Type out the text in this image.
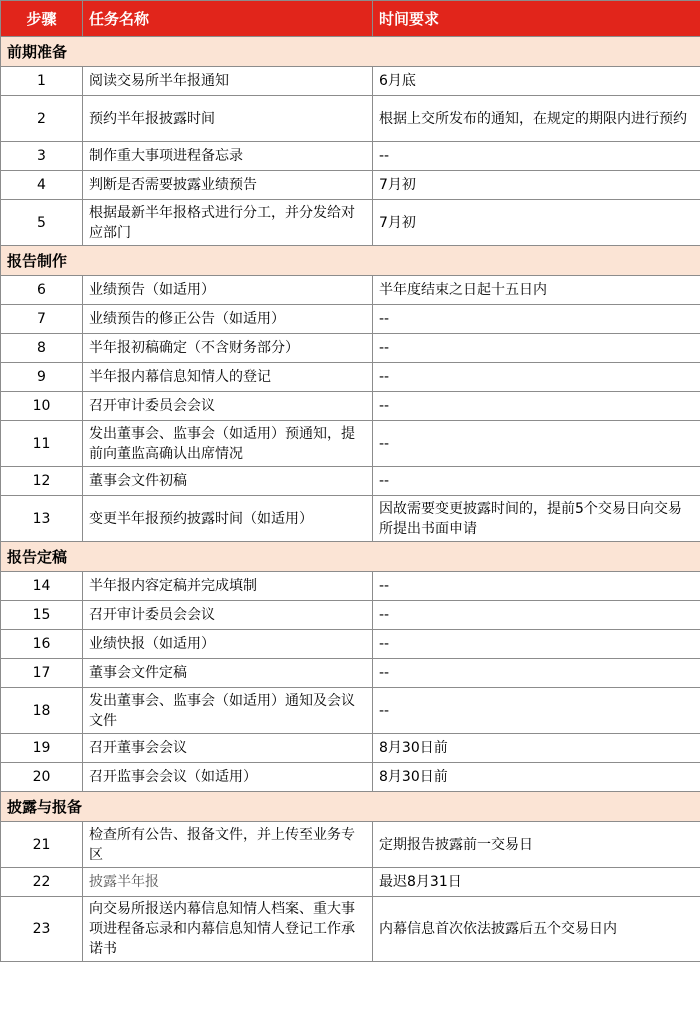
步骤	任务名称	时间要求
前期准备		
1	阅读交易所半年报通知	6月底
2	预约半年报披露时间	根据上交所发布的通知，在规定的期限内进行预约
3	制作重大事项进程备忘录	--
4	判断是否需要披露业绩预告	7月初
5	根据最新半年报格式进行分工，并分发给对应部门	7月初
报告制作		
6	业绩预告（如适用）	半年度结束之日起十五日内
7	业绩预告的修正公告（如适用）	--
8	半年报初稿确定（不含财务部分）	--
9	半年报内幕信息知情人的登记	--
10	召开审计委员会会议	--
11	发出董事会、监事会（如适用）预通知，提前向董监高确认出席情况	--
12	董事会文件初稿	--
13	变更半年报预约披露时间（如适用）	因故需要变更披露时间的，提前5个交易日向交易所提出书面申请
报告定稿		
14	半年报内容定稿并完成填制	--
15	召开审计委员会会议	--
16	业绩快报（如适用）	--
17	董事会文件定稿	--
18	发出董事会、监事会（如适用）通知及会议文件	--
19	召开董事会会议	8月30日前
20	召开监事会会议（如适用）	8月30日前
披露与报备		
21	检查所有公告、报备文件，并上传至业务专区	定期报告披露前一交易日
22	披露半年报	最迟8月31日
23	向交易所报送内幕信息知情人档案、重大事项进程备忘录和内幕信息知情人登记工作承诺书	内幕信息首次依法披露后五个交易日内
